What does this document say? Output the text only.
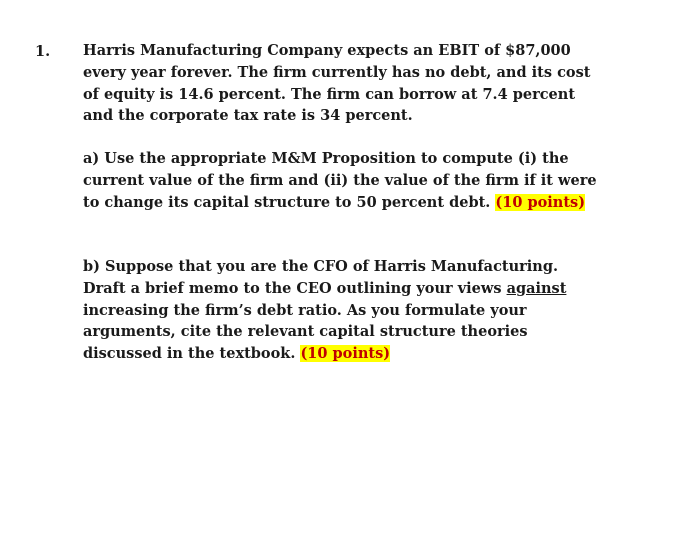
1. Harris Manufacturing Company expects an EBIT of $87,000
every year forever. The firm currently has no debt, and its cost
of equity is 14.6 percent. The firm can borrow at 7.4 percent
and the corporate tax rate is 34 percent.
a) Use the appropriate M&M Proposition to compute (i) the
current value of the firm and (ii) the value of the firm if it were
to change its capital structure to 50 percent debt. (10 points)
b) Suppose that you are the CFO of Harris Manufacturing.
Draft a brief memo to the CEO outlining your views against
increasing the firm’s debt ratio. As you formulate your
arguments, cite the relevant capital structure theories
discussed in the textbook. (10 points)
